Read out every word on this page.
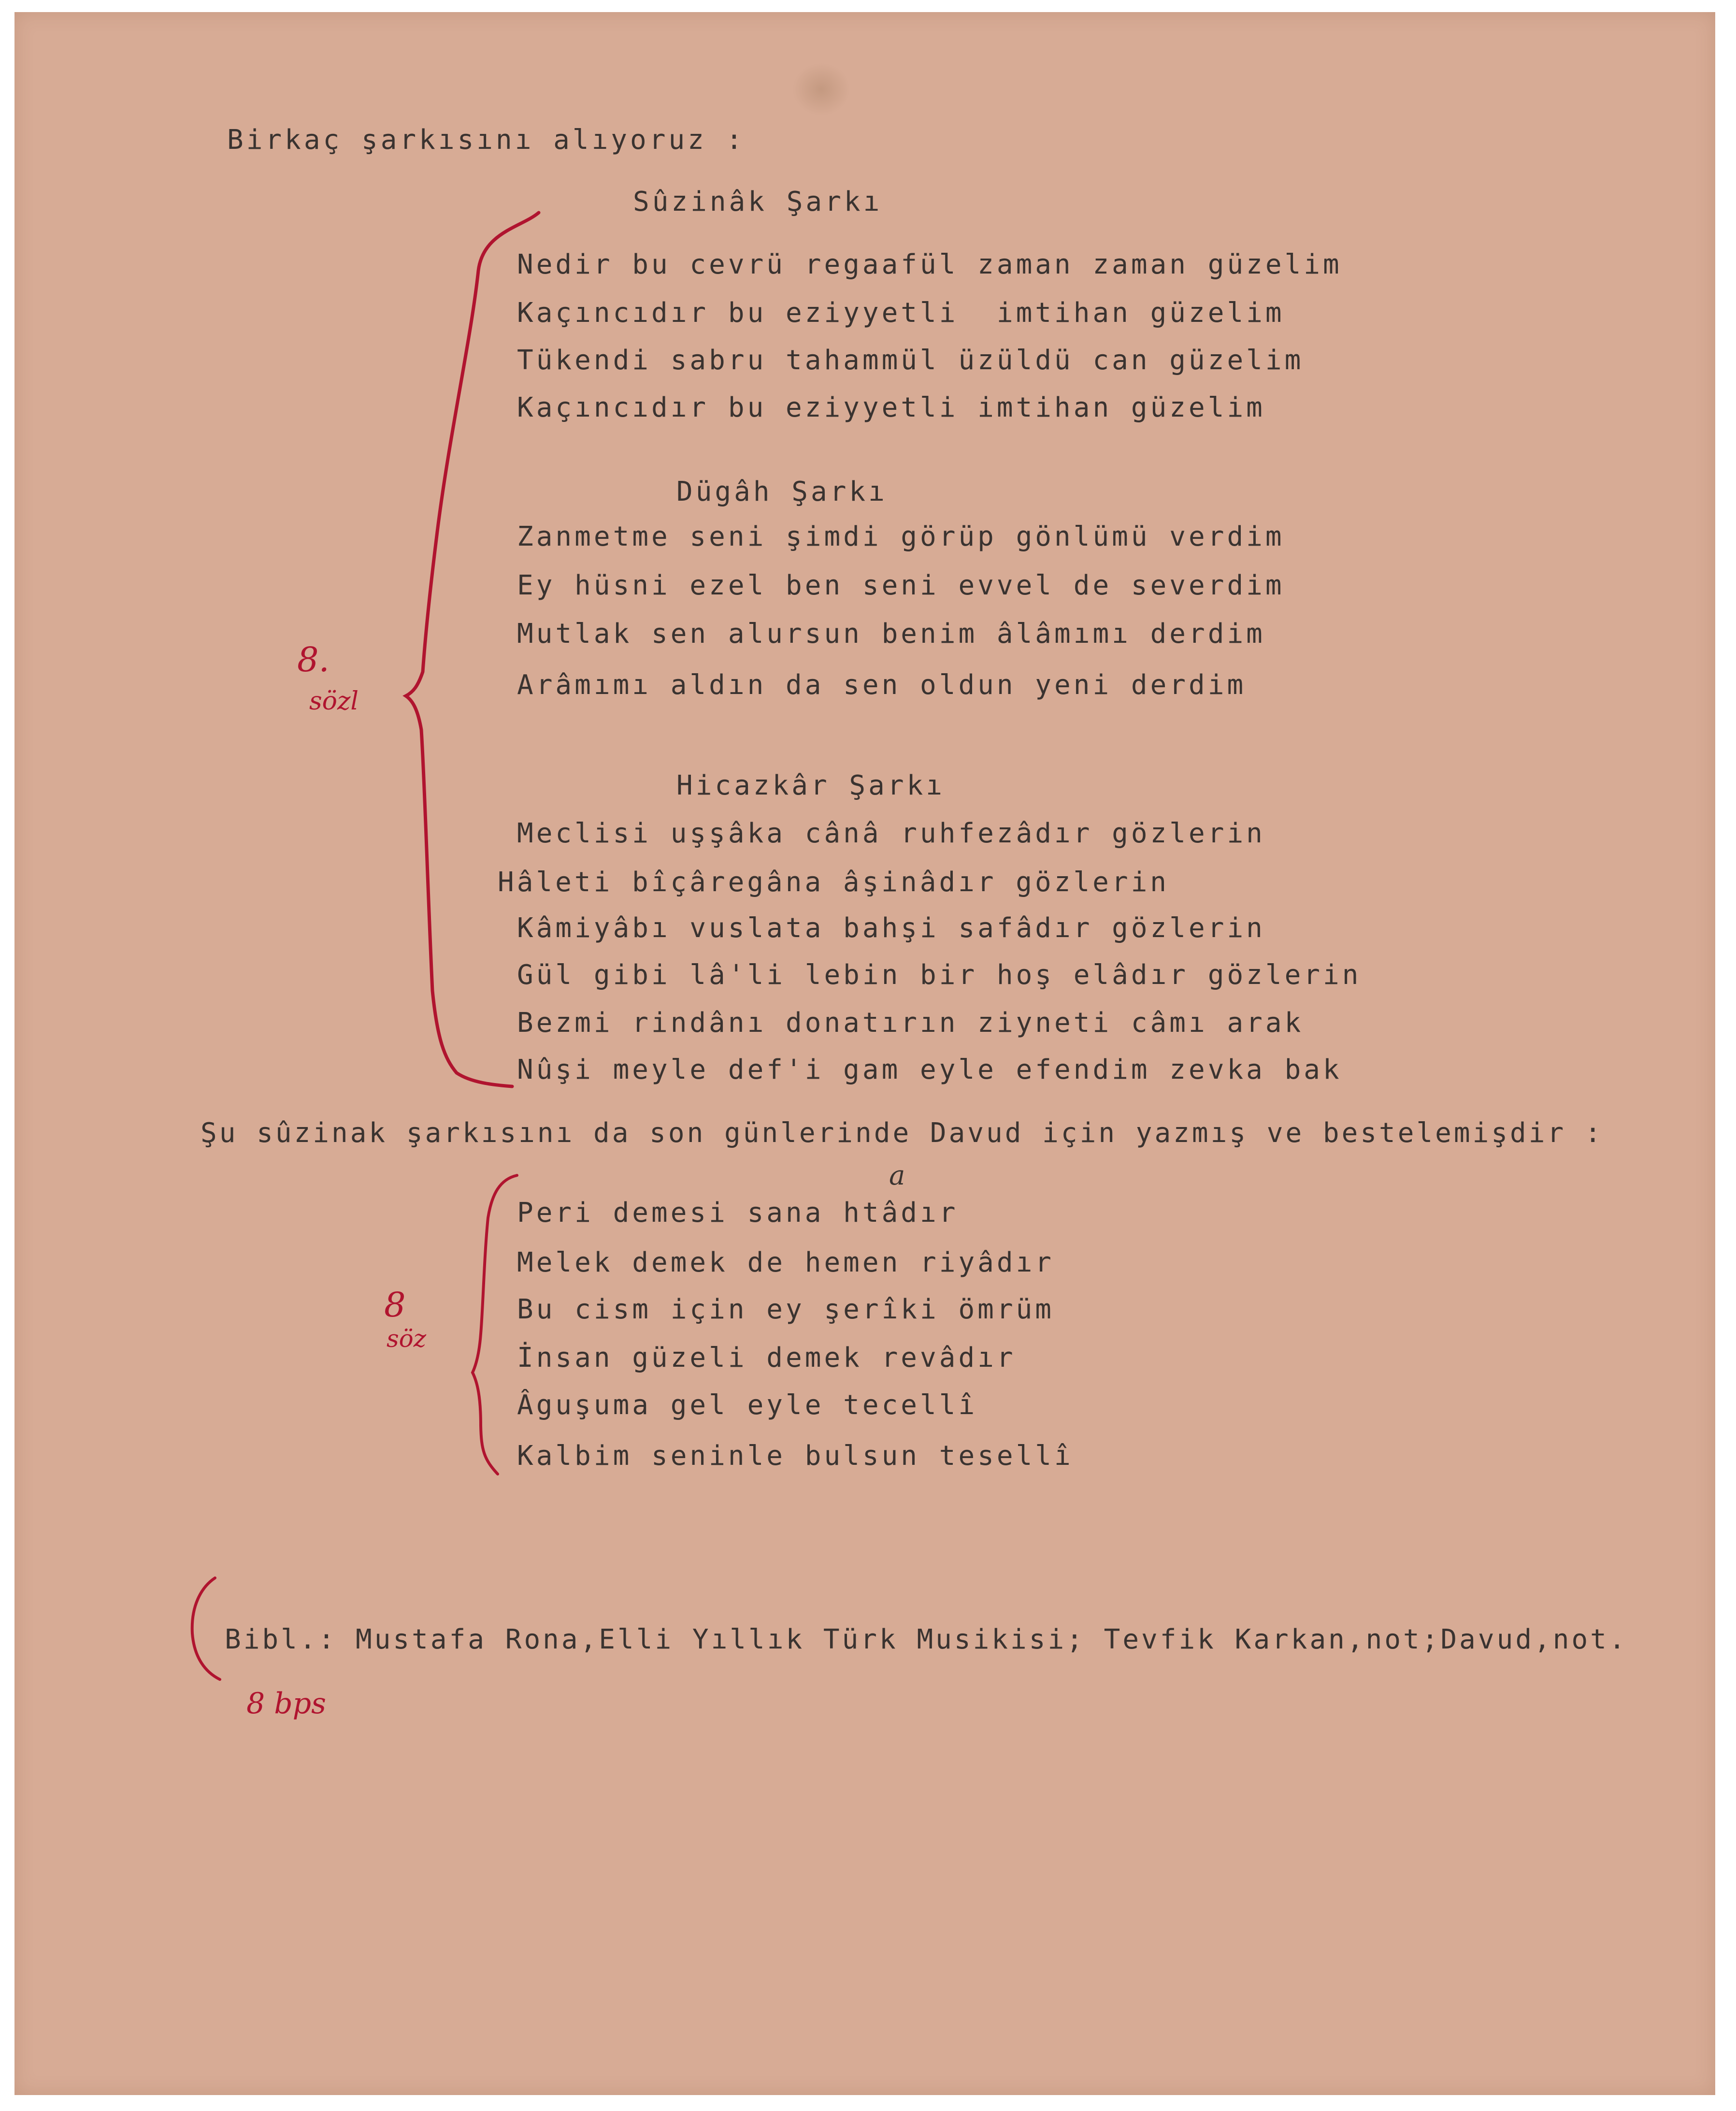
Birkaç şarkısını alıyoruz :
Sûzinâk Şarkı
Nedir bu cevrü regaafül zaman zaman güzelim
Kaçıncıdır bu eziyyetli  imtihan güzelim
Tükendi sabru tahammül üzüldü can güzelim
Kaçıncıdır bu eziyyetli imtihan güzelim
Dügâh Şarkı
Zanmetme seni şimdi görüp gönlümü verdim
Ey hüsni ezel ben seni evvel de severdim
Mutlak sen alursun benim âlâmımı derdim
Arâmımı aldın da sen oldun yeni derdim
Hicazkâr Şarkı
Meclisi uşşâka cânâ ruhfezâdır gözlerin
Hâleti bîçâregâna âşinâdır gözlerin
Kâmiyâbı vuslata bahşi safâdır gözlerin
Gül gibi lâ'li lebin bir hoş elâdır gözlerin
Bezmi rindânı donatırın ziyneti câmı arak
Nûşi meyle def'i gam eyle efendim zevka bak
Şu sûzinak şarkısını da son günlerinde Davud için yazmış ve bestelemişdir :
Peri demesi sana htâdır
Melek demek de hemen riyâdır
Bu cism için ey şerîki ömrüm
İnsan güzeli demek revâdır
Âguşuma gel eyle tecellî
Kalbim seninle bulsun tesellî
Bibl.: Mustafa Rona,Elli Yıllık Türk Musikisi; Tevfik Karkan,not;Davud,not.
8.
sözl
8
söz
a
8 bps
